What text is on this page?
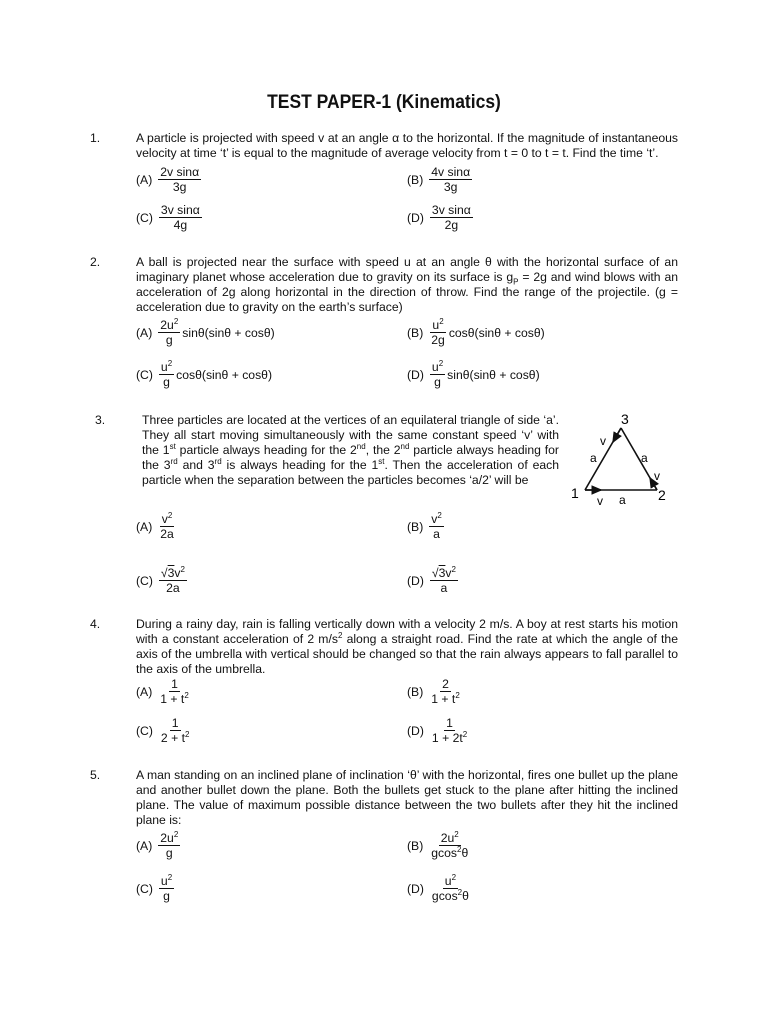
TEST PAPER-1 (Kinematics)
1.	A particle is projected with speed v at an angle α to the horizontal. If the magnitude of instantaneous velocity at time ‘t’ is equal to the magnitude of average velocity from t = 0 to t = t. Find the time ‘t’.
$(A) \frac{\text{2v sinα}}{3g}$	$(B) \frac{\text{4v sinα}}{3g}$
$(C) \frac{\text{3v sinα}}{4g}$	$(D) \frac{\text{3v sinα}}{2g}$
2.	A ball is projected near the surface with speed u at an angle θ with the horizontal surface of an imaginary planet whose acceleration due to gravity on its surface is $g_P = 2g$ and wind blows with an acceleration of 2g along horizontal in the direction of throw. Find the range of the projectile. (g = acceleration due to gravity on the earth’s surface)
$(A) \frac{2u^2}{g} \sin\theta(\sin\theta + \cos\theta)$	$(B) \frac{u^2}{2g} \cos\theta(\sin\theta + \cos\theta)$
$(C) \frac{u^2}{g} \cos\theta(\sin\theta + \cos\theta)$	$(D) \frac{u^2}{g} \sin\theta(\sin\theta + \cos\theta)$
3.	Three particles are located at the vertices of an equilateral triangle of side ‘a’. They all start moving simultaneously with the same constant speed ‘v’ with the 1st particle always heading for the 2nd, the 2nd particle always heading for the 3rd and 3rd is always heading for the 1st. Then the acceleration of each particle when the separation between the particles becomes ‘a/2’ will be
1	2
3
a	a
a
v
v
v
$(A) \frac{v^2}{2a}$	$(B) \frac{v^2}{a}$
$(C) \frac{√3v^2}{2a}$	$(D) \frac{√3v^2}{a}$
4.	During a rainy day, rain is falling vertically down with a velocity 2 m/s. A boy at rest starts his motion with a constant acceleration of 2 $m/s^2$ along a straight road. Find the rate at which the angle of the axis of the umbrella with vertical should be changed so that the rain always appears to fall parallel to the axis of the umbrella.
$(A) \frac{1}{1 + t^2}$	$(B) \frac{2}{1 + t^2}$
$(C) \frac{1}{2 + t^2}$	$(D) \frac{1}{1 + 2t^2}$
5.	A man standing on an inclined plane of inclination ‘θ’ with the horizontal, fires one bullet up the plane and another bullet down the plane. Both the bullets get stuck to the plane after hitting the inclined plane. The value of maximum possible distance between the two bullets after they hit the inclined plane is:
$(A) \frac{2u^2}{g}$	$(B) \frac{2u^2}{gcos^2\theta}$
$(C) \frac{u^2}{g}$	$(D) \frac{u^2}{gcos^2\theta}$
